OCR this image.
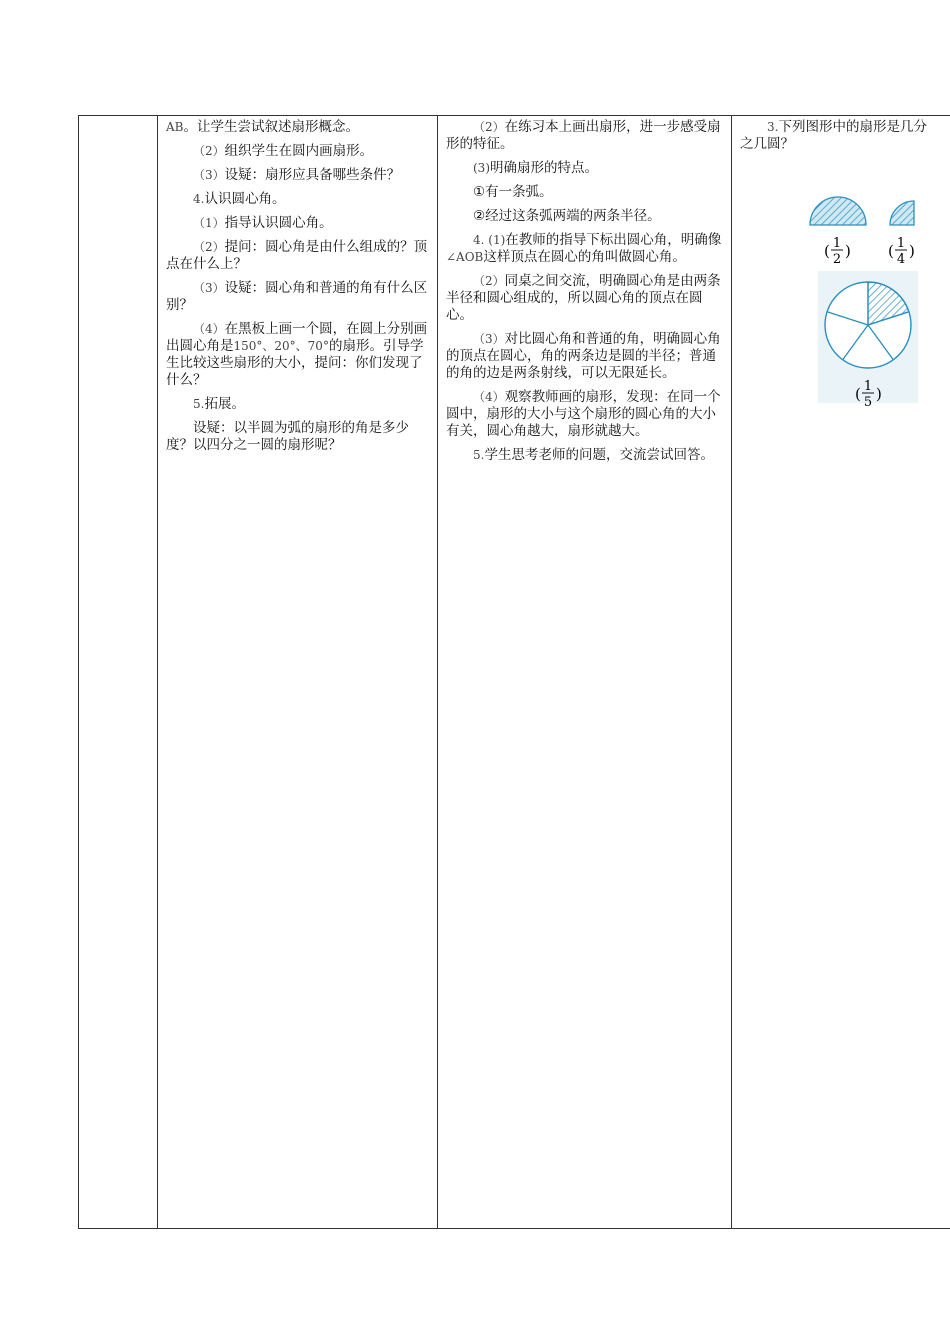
AB。让学生尝试叙述扇形概念。

（2）组织学生在圆内画扇形。

（3）设疑：扇形应具备哪些条件？

4.认识圆心角。

（1）指导认识圆心角。

（2）提问：圆心角是由什么组成的？顶点在什么上？

（3）设疑：圆心角和普通的角有什么区别？

（4）在黑板上画一个圆，在圆上分别画出圆心角是150°、20°、70°的扇形。引导学生比较这些扇形的大小，提问：你们发现了什么？

5.拓展。

设疑：以半圆为弧的扇形的角是多少度？以四分之一圆的扇形呢？

（2）在练习本上画出扇形，进一步感受扇形的特征。

(3)明确扇形的特点。

①有一条弧。

②经过这条弧两端的两条半径。

4. (1)在教师的指导下标出圆心角，明确像∠AOB这样顶点在圆心的角叫做圆心角。

（2）同桌之间交流，明确圆心角是由两条半径和圆心组成的，所以圆心角的顶点在圆心。

（3）对比圆心角和普通的角，明确圆心角的顶点在圆心，角的两条边是圆的半径；普通的角的边是两条射线，可以无限延长。

（4）观察教师画的扇形，发现：在同一个圆中，扇形的大小与这个扇形的圆心角的大小有关，圆心角越大，扇形就越大。

5.学生思考老师的问题，交流尝试回答。

3.下列图形中的扇形是几分

之几圆？

1
2
( )	1
4
( )
1
5
( )
